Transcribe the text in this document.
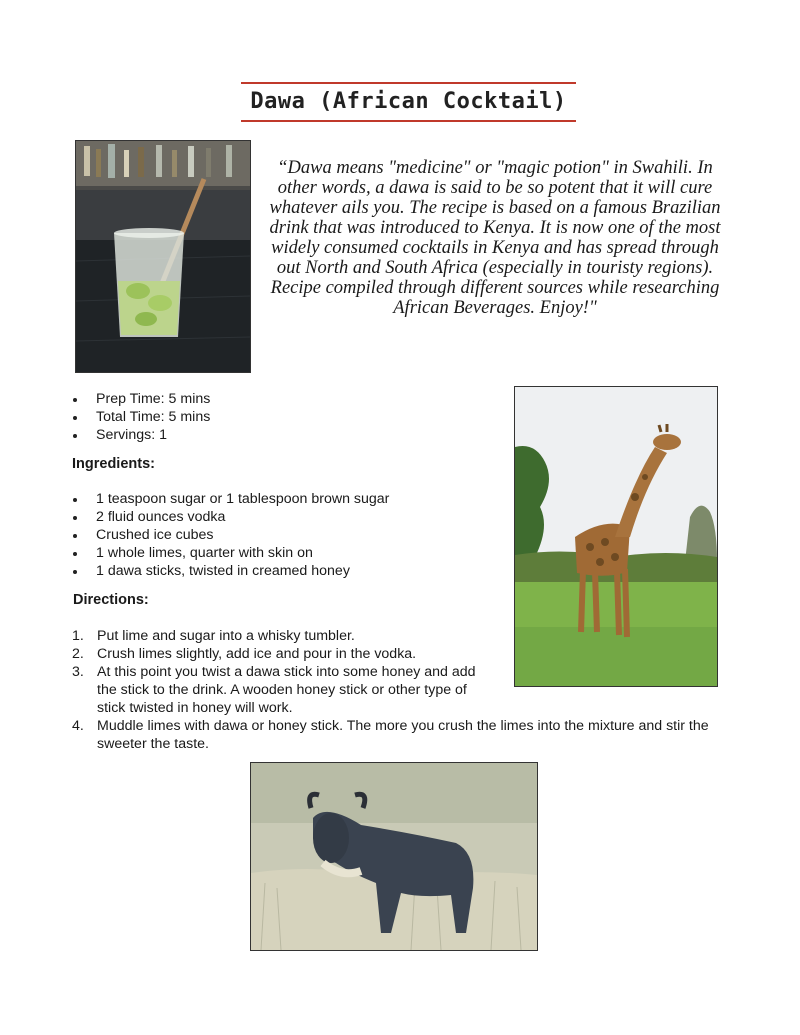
Dawa (African Cocktail)
“Dawa means "medicine" or "magic potion" in Swahili. In other words, a dawa is said to be so potent that it will cure whatever ails you. The recipe is based on a famous Brazilian drink that was introduced to Kenya. It is now one of the most widely consumed cocktails in Kenya and has spread through out North and South Africa (especially in touristy regions). Recipe compiled through different sources while researching African Beverages. Enjoy!"
Prep Time: 5 mins
Total Time: 5 mins
Servings: 1
Ingredients:
1 teaspoon sugar or 1 tablespoon brown sugar
2 fluid ounces vodka
Crushed ice cubes
1 whole limes, quarter with skin on
1 dawa sticks, twisted in creamed honey
Directions:
1. Put lime and sugar into a whisky tumbler.
2. Crush limes slightly, add ice and pour in the vodka.
3. At this point you twist a dawa stick into some honey and add the stick to the drink. A wooden honey stick or other type of stick twisted in honey will work.
4. Muddle limes with dawa or honey stick. The more you crush the limes into the mixture and stir the sweeter the taste.
